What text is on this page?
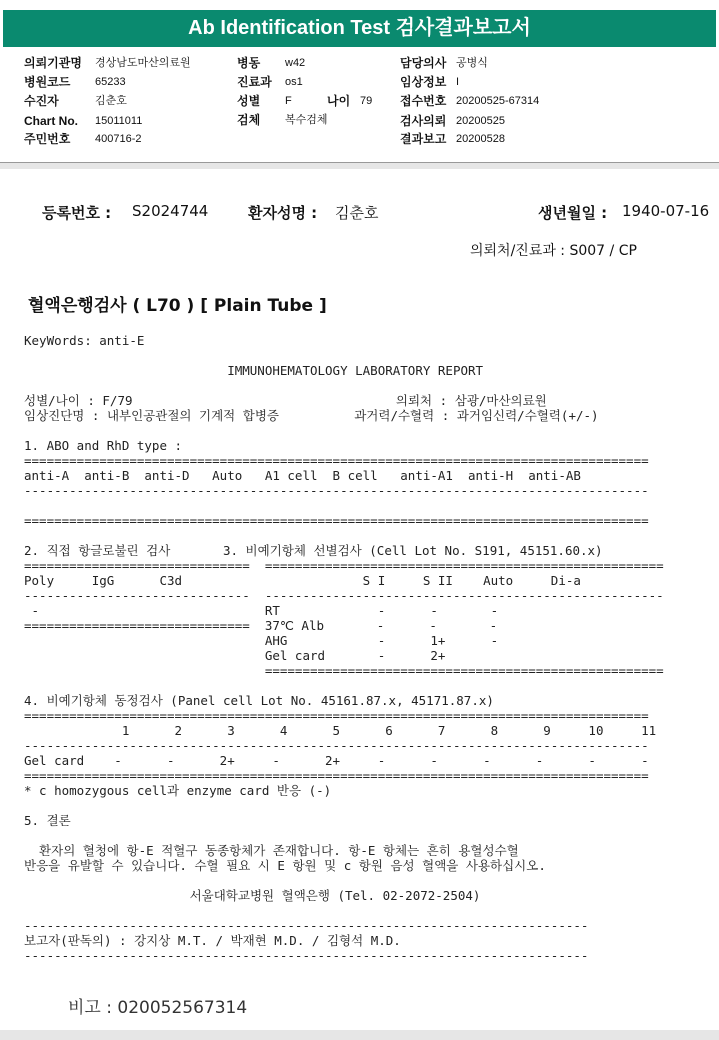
Ab Identification Test 검사결과보고서
의뢰기관명 경상남도마산의료원
병원코드 65233
수진자	김춘호
Chart No. 15011011
주민번호 400716-2
병동 w42
진료과 os1
성별 F	나이 79
검체 복수검체
담당의사 공병식
임상정보 I
접수번호 20200525-67314
검사의뢰 20200525
결과보고 20200528
등록번호 : S2024744	환자성명 : 김춘호	생년월일 : 1940-07-16
의뢰처/진료과 : S007 / CP
혈액은행검사 ( L70 ) [ Plain Tube ]
KeyWords: anti-E

IMMUNOHEMATOLOGY LABORATORY REPORT

성별/나이 : F/79                                   의뢰처 : 삼광/마산의료원
임상진단명 : 내부인공관절의 기계적 합병증          과거력/수혈력 : 과거임신력/수혈력(+/-)

1. ABO and RhD type :
===================================================================================
anti-A  anti-B  anti-D   Auto   A1 cell  B cell   anti-A1  anti-H  anti-AB
-----------------------------------------------------------------------------------

===================================================================================

2. 직접 항글로불린 검사       3. 비예기항체 선별검사 (Cell Lot No. S191, 45151.60.x)
==============================  =====================================================
Poly     IgG      C3d                        S I     S II    Auto     Di-a
------------------------------  -----------------------------------------------------
-                              RT             -      -       -
==============================  37℃ Alb       -      -       -
AHG            -      1+      -
Gel card       -      2+
=====================================================

4. 비예기항체 동정검사 (Panel cell Lot No. 45161.87.x, 45171.87.x)
===================================================================================
1      2      3      4      5      6      7      8      9     10     11
-----------------------------------------------------------------------------------
Gel card    -      -      2+     -      2+     -      -      -      -      -      -
===================================================================================
* c homozygous cell과 enzyme card 반응 (-)

5. 결론

환자의 혈청에 항-E 적혈구 동종항체가 존재합니다. 항-E 항체는 흔히 용혈성수혈
반응을 유발할 수 있습니다. 수혈 필요 시 E 항원 및 c 항원 음성 혈액을 사용하십시오.

서울대학교병원 혈액은행 (Tel. 02-2072-2504)

---------------------------------------------------------------------------
보고자(판독의) : 강지상 M.T. / 박재현 M.D. / 김형석 M.D.
---------------------------------------------------------------------------
비고 : 020052567314
